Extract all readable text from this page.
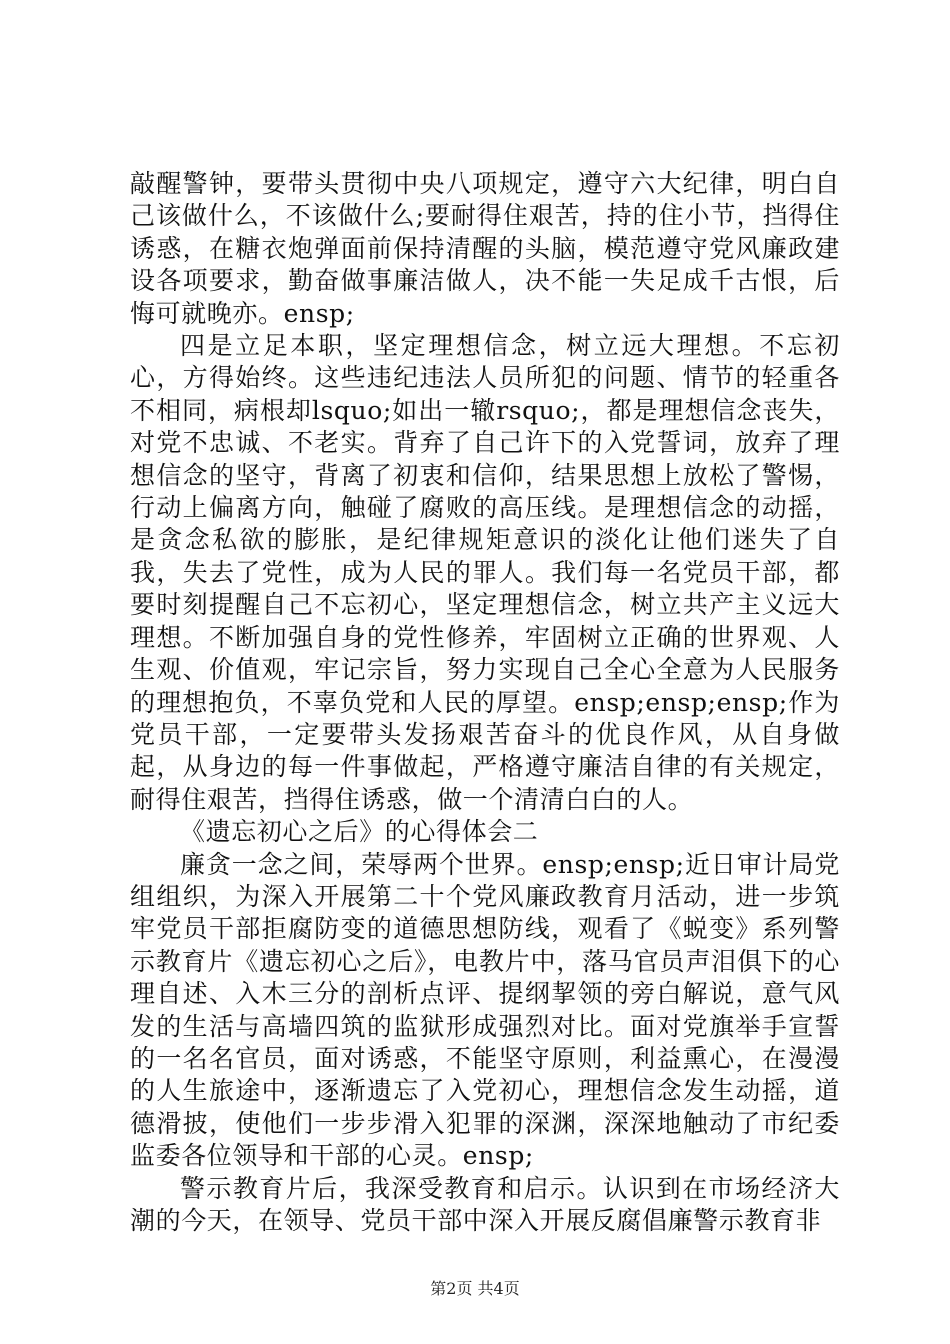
敲醒警钟，要带头贯彻中央八项规定，遵守六大纪律，明白自己该做什么，不该做什么;要耐得住艰苦，持的住小节，挡得住诱惑，在糖衣炮弹面前保持清醒的头脑，模范遵守党风廉政建设各项要求，勤奋做事廉洁做人，决不能一失足成千古恨，后悔可就晚亦。ensp;

四是立足本职，坚定理想信念，树立远大理想。不忘初心，方得始终。这些违纪违法人员所犯的问题、情节的轻重各不相同，病根却lsquo;如出一辙rsquo;，都是理想信念丧失，对党不忠诚、不老实。背弃了自己许下的入党誓词，放弃了理想信念的坚守，背离了初衷和信仰，结果思想上放松了警惕，行动上偏离方向，触碰了腐败的高压线。是理想信念的动摇，是贪念私欲的膨胀，是纪律规矩意识的淡化让他们迷失了自我，失去了党性，成为人民的罪人。我们每一名党员干部，都要时刻提醒自己不忘初心，坚定理想信念，树立共产主义远大理想。不断加强自身的党性修养，牢固树立正确的世界观、人生观、价值观，牢记宗旨，努力实现自己全心全意为人民服务的理想抱负，不辜负党和人民的厚望。ensp;ensp;ensp;作为党员干部，一定要带头发扬艰苦奋斗的优良作风，从自身做起，从身边的每一件事做起，严格遵守廉洁自律的有关规定，耐得住艰苦，挡得住诱惑，做一个清清白白的人。

《遗忘初心之后》的心得体会二

廉贪一念之间，荣辱两个世界。ensp;ensp;近日审计局党组组织，为深入开展第二十个党风廉政教育月活动，进一步筑牢党员干部拒腐防变的道德思想防线，观看了《蜕变》系列警示教育片《遗忘初心之后》，电教片中，落马官员声泪俱下的心理自述、入木三分的剖析点评、提纲挈领的旁白解说，意气风发的生活与高墙四筑的监狱形成强烈对比。面对党旗举手宣誓的一名名官员，面对诱惑，不能坚守原则，利益熏心，在漫漫的人生旅途中，逐渐遗忘了入党初心，理想信念发生动摇，道德滑披，使他们一步步滑入犯罪的深渊，深深地触动了市纪委监委各位领导和干部的心灵。ensp;

警示教育片后，我深受教育和启示。认识到在市场经济大潮的今天，在领导、党员干部中深入开展反腐倡廉警示教育非

第2页 共4页
